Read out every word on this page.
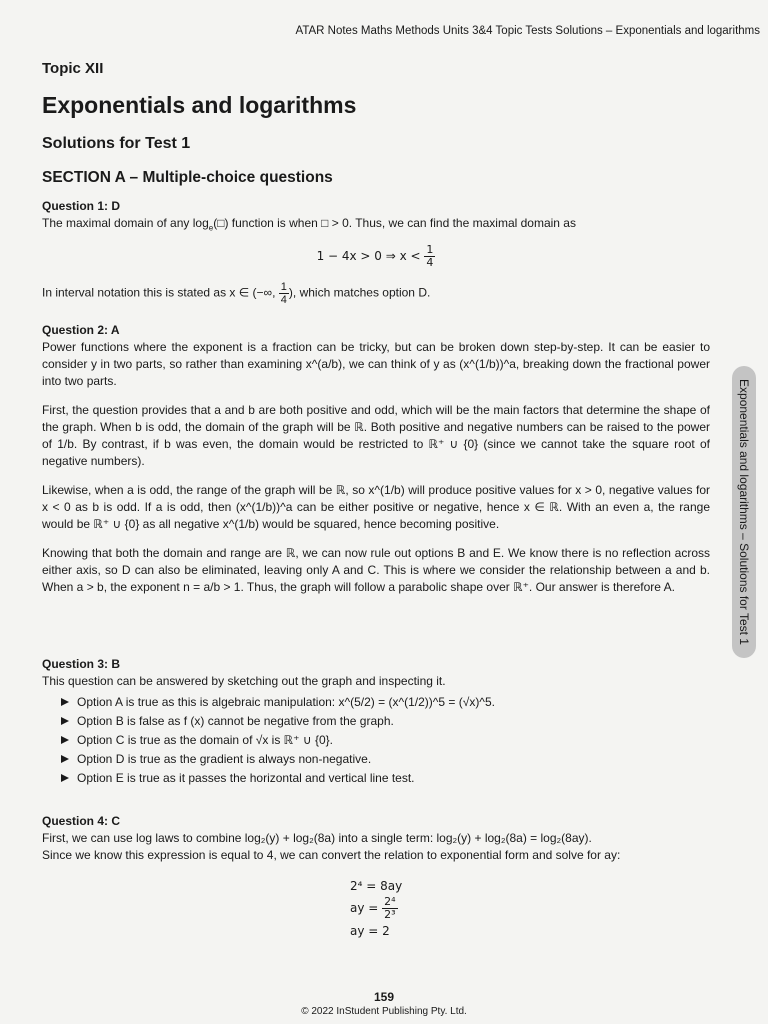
ATAR Notes Maths Methods Units 3&4 Topic Tests Solutions – Exponentials and logarithms
Topic XII
Exponentials and logarithms
Solutions for Test 1
SECTION A – Multiple-choice questions
Question 1: D
The maximal domain of any $\log_e(□)$ function is when □ > 0. Thus, we can find the maximal domain as
1 − 4x > 0 ⇒ $x < \frac{1}{4}$
In interval notation this is stated as x ∈ (−∞, $\frac{1}{4}$ ), which matches option D.
Question 2: A
Power functions where the exponent is a fraction can be tricky, but can be broken down step-by-step. It can be easier to consider y in two parts, so rather than examining x^(a/b), we can think of y as (x^(1/b))^a, breaking down the fractional power into two parts.
First, the question provides that a and b are both positive and odd, which will be the main factors that determine the shape of the graph. When b is odd, the domain of the graph will be ℝ. Both positive and negative numbers can be raised to the power of 1/b. By contrast, if b was even, the domain would be restricted to ℝ⁺ ∪ {0} (since we cannot take the square root of negative numbers).
Likewise, when a is odd, the range of the graph will be ℝ, so x^(1/b) will produce positive values for x > 0, negative values for x < 0 as b is odd. If a is odd, then (x^(1/b))^a can be either positive or negative, hence x ∈ ℝ. With an even a, the range would be ℝ⁺ ∪ {0} as all negative x^(1/b) would be squared, hence becoming positive.
Knowing that both the domain and range are ℝ, we can now rule out options B and E. We know there is no reflection across either axis, so D can also be eliminated, leaving only A and C. This is where we consider the relationship between a and b. When a > b, the exponent n = a/b > 1. Thus, the graph will follow a parabolic shape over ℝ⁺. Our answer is therefore A.
Question 3: B
This question can be answered by sketching out the graph and inspecting it.
Option A is true as this is algebraic manipulation: x^(5/2) = (x^(1/2))^5 = (√x)^5.
Option B is false as f (x) cannot be negative from the graph.
Option C is true as the domain of √x is ℝ⁺ ∪ {0}.
Option D is true as the gradient is always non-negative.
Option E is true as it passes the horizontal and vertical line test.
Question 4: C
First, we can use log laws to combine log₂(y) + log₂(8a) into a single term: log₂(y) + log₂(8a) = log₂(8ay).
Since we know this expression is equal to 4, we can convert the relation to exponential form and solve for ay:
2⁴ = 8ay
ay = $\frac{\text{2⁴}}{\text{2³}}$
ay = 2
Exponentials and logarithms – Solutions for Test 1
159
© 2022 InStudent Publishing Pty. Ltd.
